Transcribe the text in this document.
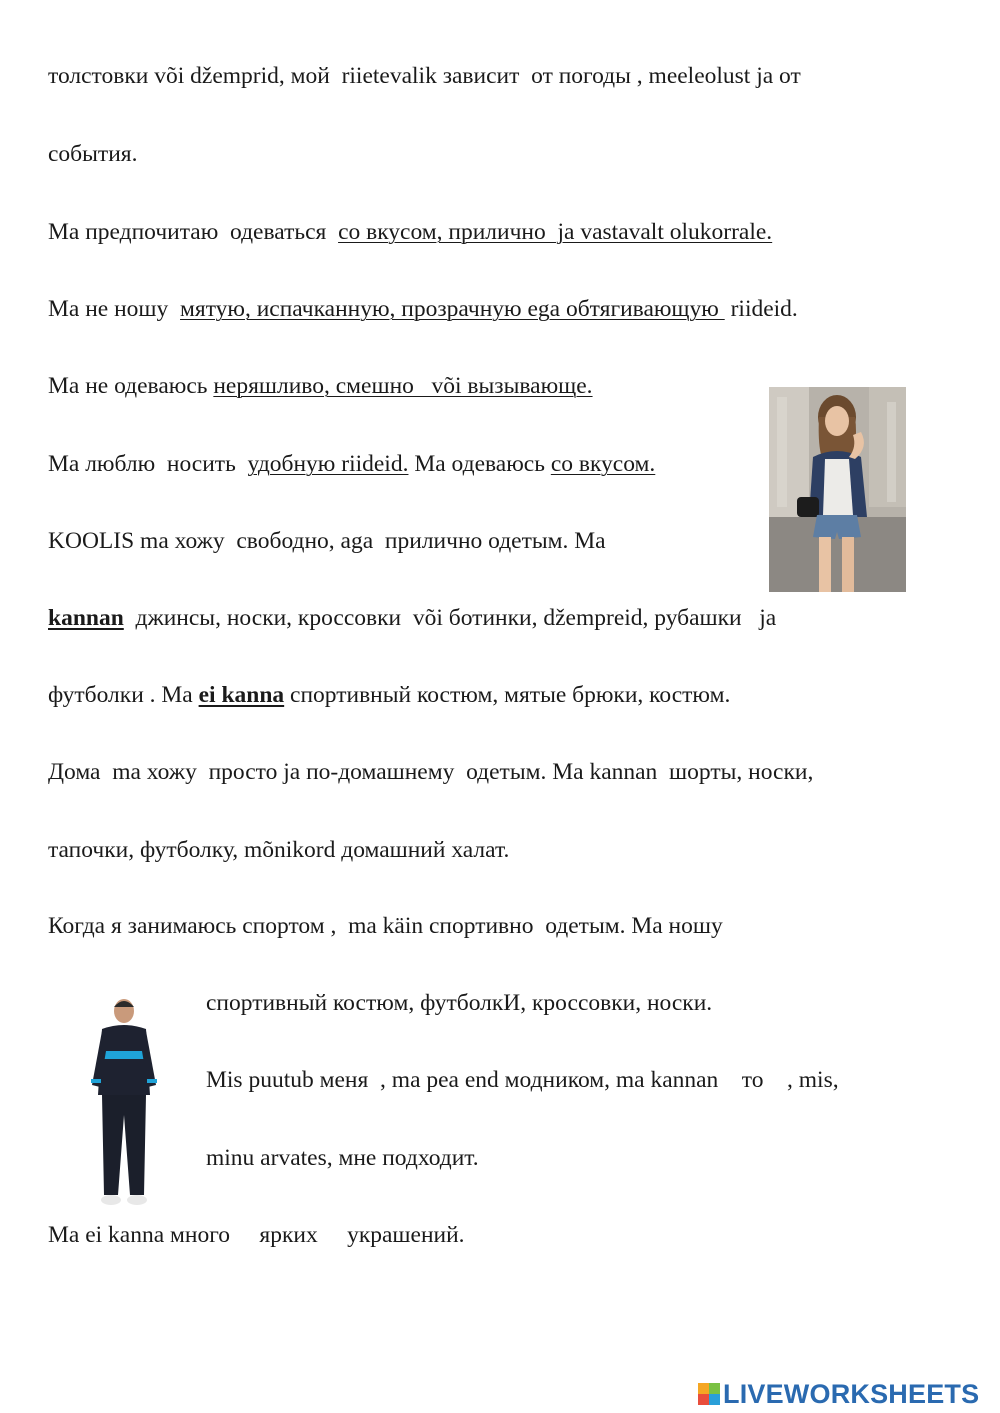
толстовки või džemprid, мой  riietevalik зависит  от погоды , meeleolust ja от
события.
Ma предпочитаю  одеваться  со вкусом, прилично  ja vastavalt olukorrale.
Ma не ношу  мятую, испачканную, прозрачную ega обтягивающую  riideid.
Ma не одеваюсь неряшливо, смешно   või вызывающе.
Ma люблю  носить  удобную riideid. Ma одеваюсь со вкусом.
KOOLIS ma хожу  свободно, aga  прилично одетым. Ma
kannan  джинсы, носки, кроссовки  või ботинки, džempreid, рубашки   ja
футболки . Ma ei kanna спортивный костюм, мятые брюки, костюм.
Дома  ma хожу  просто ja по-домашнему  одетым. Ma kannan  шорты, носки,
тапочки, футболку, mõnikord домашний халат.
Когда я занимаюсь спортом ,  ma käin спортивно  одетым. Ma ношу
спортивный костюм, футболкИ, кроссовки, носки.
Mis puutub меня  , ma pea end модником, ma kannan    то    , mis,
minu arvates, мне подходит.
Ma ei kanna много     ярких     украшений.
LIVEWORKSHEETS
